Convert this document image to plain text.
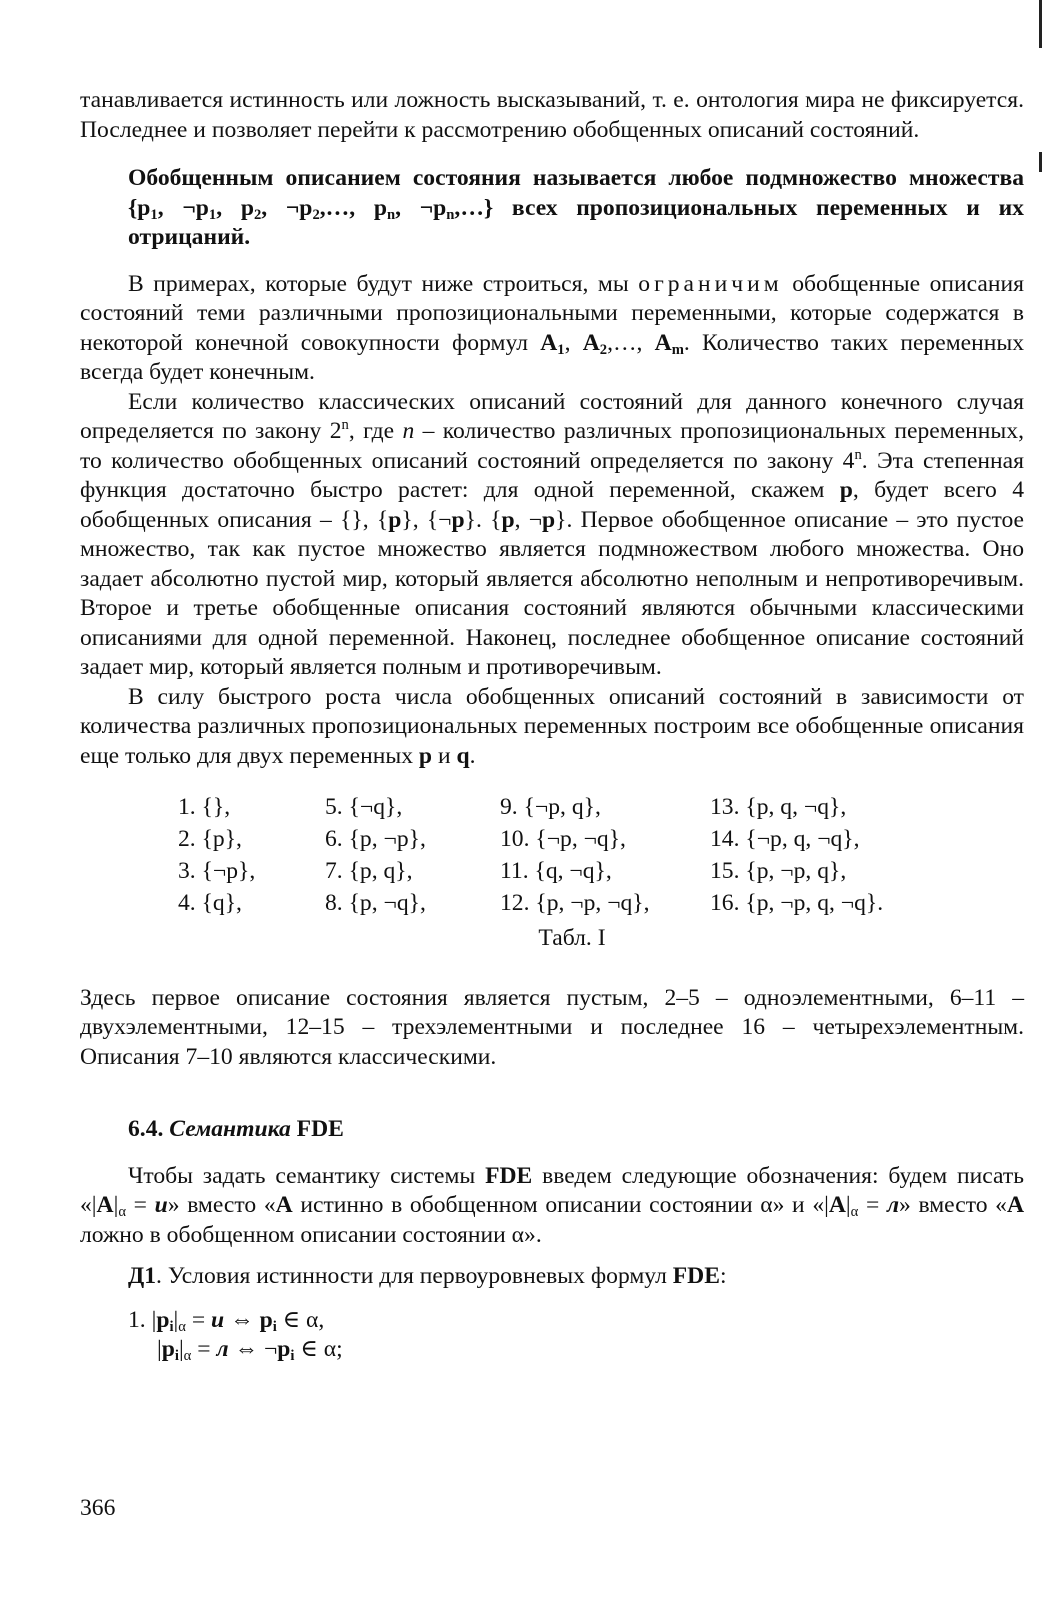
танавливается истинность или ложность высказываний, т. е. онтология мира не фиксируется. Последнее и позволяет перейти к рассмотрению обобщенных описаний состояний.

Обобщенным описанием состояния называется любое подмножество множества {$p_1$, $\neg p_1$, $p_2$, $\neg p_2,\dots$, $p_n$, $\neg p_n,\dots$} всех пропозициональных переменных и их отрицаний.

В примерах, которые будут ниже строиться, мы ограничим обобщенные описания состояний теми различными пропозициональными переменными, которые содержатся в некоторой конечной совокупности формул $A_1$, $A_2,\dots$, $A_m$. Количество таких переменных всегда будет конечным.

Если количество классических описаний состояний для данного конечного случая определяется по закону 2$^n$, где n – количество различных пропозициональных переменных, то количество обобщенных описаний состояний определяется по закону 4$^n$. Эта степенная функция достаточно быстро растет: для одной переменной, скажем p, будет всего 4 обобщенных описания – {}, {p}, {¬p}. {p, ¬p}. Первое обобщенное описание – это пустое множество, так как пустое множество является подмножеством любого множества. Оно задает абсолютно пустой мир, который является абсолютно неполным и непротиворечивым. Второе и третье обобщенные описания состояний являются обычными классическими описаниями для одной переменной. Наконец, последнее обобщенное описание состояний задает мир, который является полным и противоречивым.

В силу быстрого роста числа обобщенных описаний состояний в зависимости от количества различных пропозициональных переменных построим все обобщенные описания еще только для двух переменных p и q.

1. {},	5. {¬q},	9. {¬p, q},	13. {p, q, ¬q},
2. {p},	6. {p, ¬p},	10. {¬p, ¬q},	14. {¬p, q, ¬q},
3. {¬p},	7. {p, q},	11. {q, ¬q},	15. {p, ¬p, q},
4. {q},	8. {p, ¬q},	12. {p, ¬p, ¬q},	16. {p, ¬p, q, ¬q}.
Табл. I

Здесь первое описание состояния является пустым, 2–5 – одноэлементными, 6–11 – двухэлементными, 12–15 – трехэлементными и последнее 16 – четырехэлементным. Описания 7–10 являются классическими.

6.4. Семантика FDE

Чтобы задать семантику системы FDE введем следующие обозначения: будем писать «$|A|_\alpha = и$» вместо «A истинно в обобщенном описании состоянии α» и «$|A|_\alpha = л$» вместо «A ложно в обобщенном описании состоянии α».

Д1. Условия истинности для первоуровневых формул FDE:

1. $|p_i|_\alpha = и$ ⇔ $p_i$ ∈ α,
$|p_i|_\alpha = л$ ⇔ $\neg p_i$ ∈ α;
366
